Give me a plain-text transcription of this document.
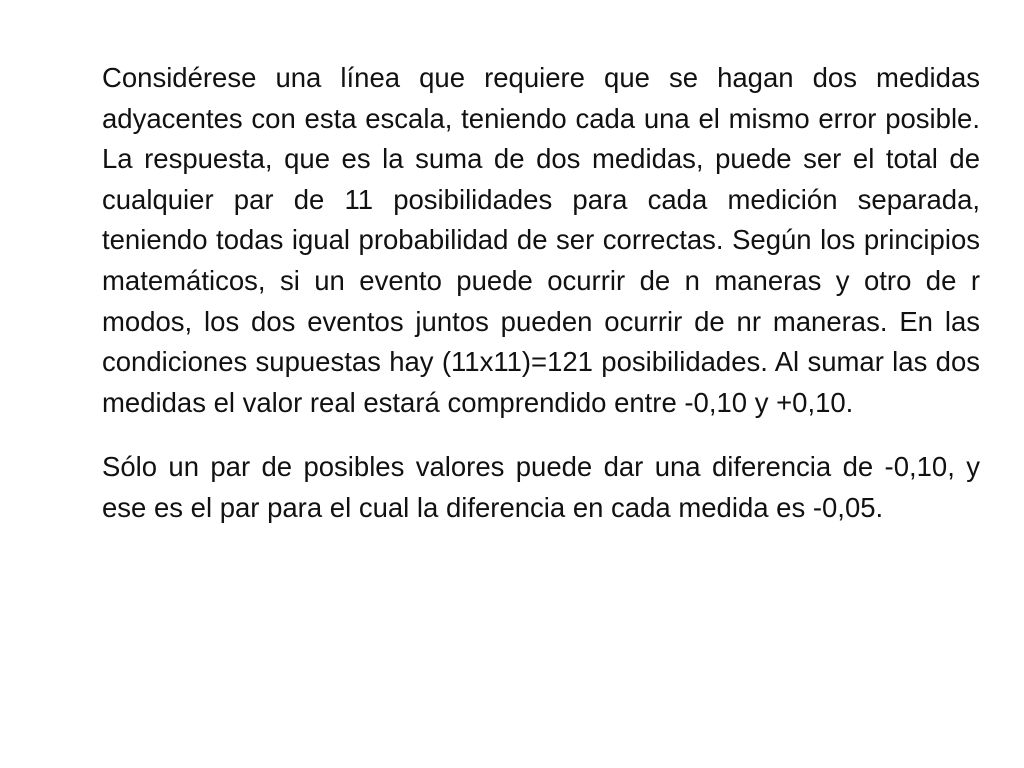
Considérese una línea que requiere que se hagan dos medidas adyacentes con esta escala, teniendo cada una el mismo error posible. La respuesta, que es la suma de dos medidas, puede ser el total de cualquier par de 11 posibilidades para cada medición separada, teniendo todas igual probabilidad de ser correctas. Según los principios matemáticos, si un evento puede ocurrir de n maneras y otro de r modos, los dos eventos juntos pueden ocurrir de nr maneras. En las condiciones supuestas hay (11x11)=121 posibilidades. Al sumar las dos medidas el valor real estará comprendido entre -0,10 y +0,10.

Sólo un par de posibles valores puede dar una diferencia de -0,10, y ese es el par para el cual la diferencia en cada medida es -0,05.
